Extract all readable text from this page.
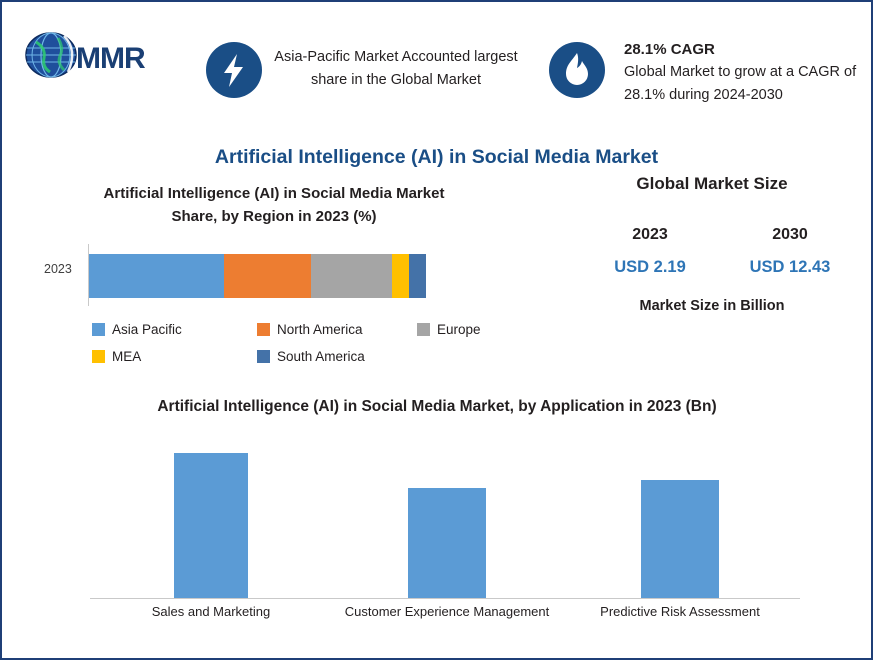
MMR	Asia-Pacific Market Accounted largest share in the Global Market
28.1% CAGR
Global Market to grow at a CAGR of 28.1% during 2024-2030
Artificial Intelligence (AI) in Social Media Market
Artificial Intelligence (AI) in Social Media Market Share, by Region in 2023 (%)
2023
Asia Pacific	North America	Europe
MEA	South America
Global Market Size
2023	2030
USD 2.19	USD 12.43
Market Size in Billion
Artificial Intelligence (AI) in Social Media Market, by Application in 2023 (Bn)
Sales and Marketing	Customer Experience Management	Predictive Risk Assessment
